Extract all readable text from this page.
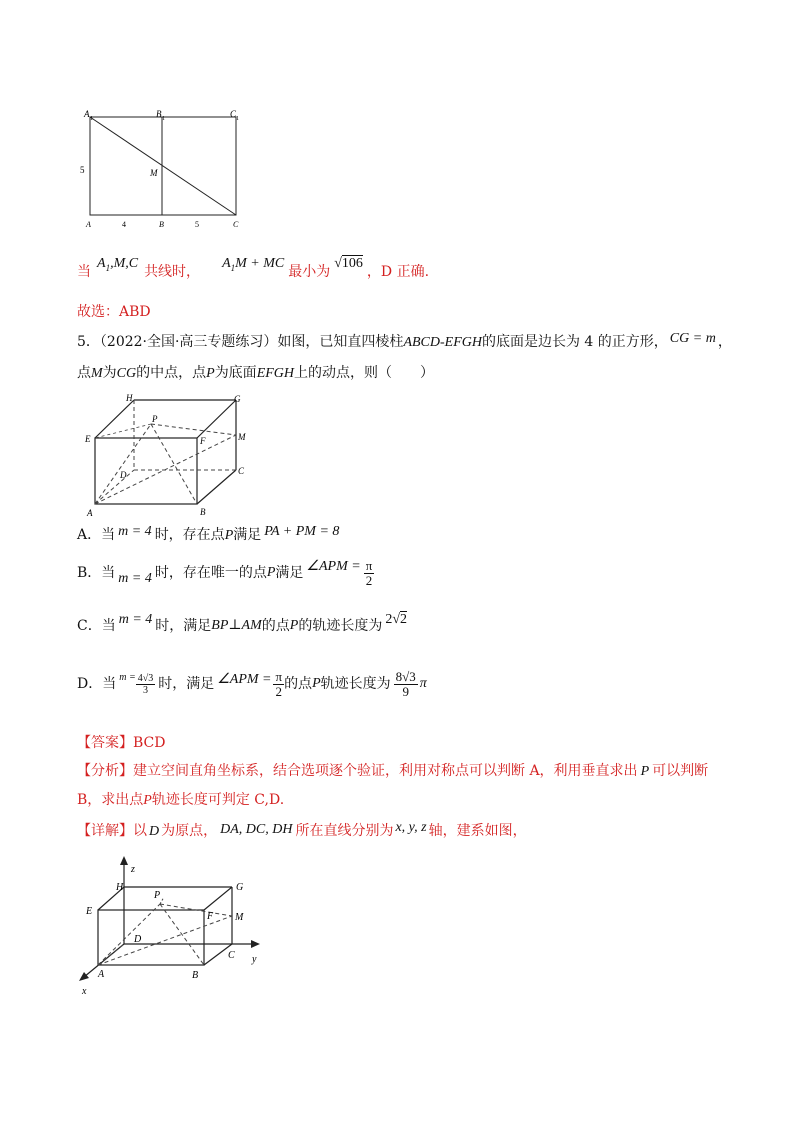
A 1	B 1	C 1
M
5
A	4	B	5	C
当
$A_1,M,C$
共线时，
$A_1M$ + MC
最小为
√106
，D 正确.
故选：ABD
5．（2022·全国·高三专题练习）如图，已知直四棱柱ABCD-EFGH的底面是边长为 4 的正方形， CG = m ，
点M为CG的中点，点P为底面EFGH上的动点，则（　　）
H	G
P
E	F	M
D	C
A	B
A．当 m = 4 时，存在点P满足 PA + PM = 8
B．当 m = 4 时，存在唯一的点 P 满足 ∠APM = $\frac{\pi}{2}$
C．当 m = 4 时，满足 BP⊥AM 的点 P 的轨迹长度为 2√2
D．当 $m = \frac{4√3}{3}$ 时，满足 ∠APM = $\frac{\pi}{2}$ 的点 P 轨迹长度为 $\frac{8√3}{9}$ π
【答案】BCD
【分析】建立空间直角坐标系，结合选项逐个验证，利用对称点可以判断 A，利用垂直求出 P 可以判断
B，求出点P轨迹长度可判定 C,D.
【详解】以 D 为原点， DA, DC, DH 所在直线分别为 x, y, z 轴，建系如图，
z
H
P
G
E	F M
D
C y
A	B
x
